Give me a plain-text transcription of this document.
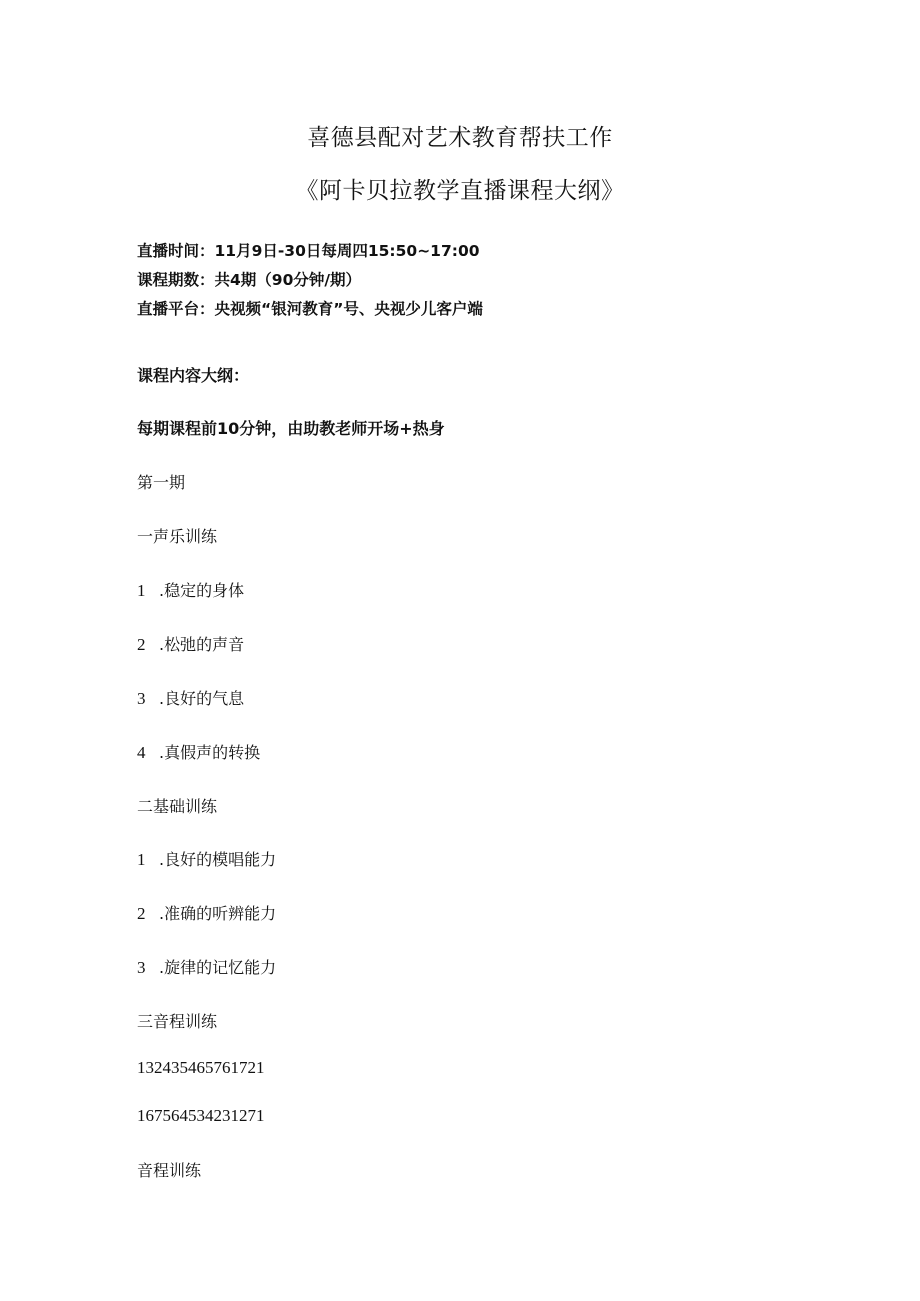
喜德县配对艺术教育帮扶工作
《阿卡贝拉教学直播课程大纲》
直播时间：11月9日-30日每周四15:50~17:00
课程期数：共4期（90分钟/期）
直播平台：央视频“银河教育”号、央视少儿客户端
课程内容大纲：
每期课程前10分钟，由助教老师开场+热身
第一期
一声乐训练
1 .稳定的身体
2 .松弛的声音
3 .良好的气息
4 .真假声的转换
二基础训练
1 .良好的模唱能力
2 .准确的听辨能力
3 .旋律的记忆能力
三音程训练
132435465761721
167564534231271
音程训练
